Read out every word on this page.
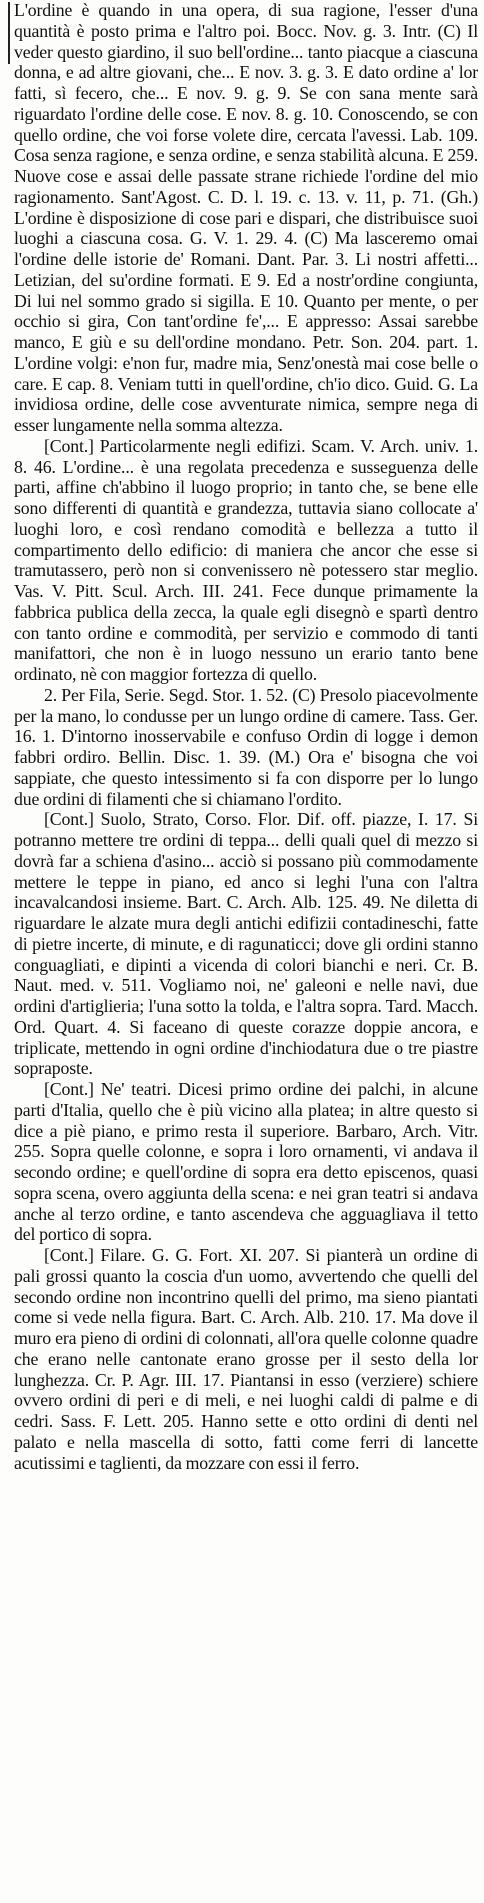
L'ordine è quando in una opera, di sua ragione, l'esser d'una quantità è posto prima e l'altro poi. Bocc. Nov. g. 3. Intr. (C) Il veder questo giardino, il suo bell'ordine... tanto piacque a ciascuna donna, e ad altre giovani, che... E nov. 3. g. 3. E dato ordine a' lor fatti, sì fecero, che... E nov. 9. g. 9. Se con sana mente sarà riguardato l'ordine delle cose. E nov. 8. g. 10. Conoscendo, se con quello ordine, che voi forse volete dire, cercata l'avessi. Lab. 109. Cosa senza ragione, e senza ordine, e senza stabilità alcuna. E 259. Nuove cose e assai delle passate strane richiede l'ordine del mio ragionamento. Sant'Agost. C. D. l. 19. c. 13. v. 11, p. 71. (Gh.) L'ordine è disposizione di cose pari e dispari, che distribuisce suoi luoghi a ciascuna cosa. G. V. 1. 29. 4. (C) Ma lasceremo omai l'ordine delle istorie de' Romani. Dant. Par. 3. Li nostri affetti... Letizian, del su'ordine formati. E 9. Ed a nostr'ordine congiunta, Di lui nel sommo grado si sigilla. E 10. Quanto per mente, o per occhio si gira, Con tant'ordine fe',... E appresso: Assai sarebbe manco, E giù e su dell'ordine mondano. Petr. Son. 204. part. 1. L'ordine volgi: e'non fur, madre mia, Senz'onestà mai cose belle o care. E cap. 8. Veniam tutti in quell'ordine, ch'io dico. Guid. G. La invidiosa ordine, delle cose avventurate nimica, sempre nega di esser lungamente nella somma altezza.

[Cont.] Particolarmente negli edifizi. Scam. V. Arch. univ. 1. 8. 46. L'ordine... è una regolata precedenza e susseguenza delle parti, affine ch'abbino il luogo proprio; in tanto che, se bene elle sono differenti di quantità e grandezza, tuttavia siano collocate a' luoghi loro, e così rendano comodità e bellezza a tutto il compartimento dello edificio: di maniera che ancor che esse si tramutassero, però non si convenissero nè potessero star meglio. Vas. V. Pitt. Scul. Arch. III. 241. Fece dunque primamente la fabbrica publica della zecca, la quale egli disegnò e spartì dentro con tanto ordine e commodità, per servizio e commodo di tanti manifattori, che non è in luogo nessuno un erario tanto bene ordinato, nè con maggior fortezza di quello.

2. Per Fila, Serie. Segd. Stor. 1. 52. (C) Presolo piacevolmente per la mano, lo condusse per un lungo ordine di camere. Tass. Ger. 16. 1. D'intorno inosservabile e confuso Ordin di logge i demon fabbri ordiro. Bellin. Disc. 1. 39. (M.) Ora e' bisogna che voi sappiate, che questo intessimento si fa con disporre per lo lungo due ordini di filamenti che si chiamano l'ordito.

[Cont.] Suolo, Strato, Corso. Flor. Dif. off. piazze, I. 17. Si potranno mettere tre ordini di teppa... delli quali quel di mezzo si dovrà far a schiena d'asino... acciò si possano più commodamente mettere le teppe in piano, ed anco si leghi l'una con l'altra incavalcandosi insieme. Bart. C. Arch. Alb. 125. 49. Ne diletta di riguardare le alzate mura degli antichi edifizii contadineschi, fatte di pietre incerte, di minute, e di ragunaticci; dove gli ordini stanno conguagliati, e dipinti a vicenda di colori bianchi e neri. Cr. B. Naut. med. v. 511. Vogliamo noi, ne' galeoni e nelle navi, due ordini d'artiglieria; l'una sotto la tolda, e l'altra sopra. Tard. Macch. Ord. Quart. 4. Si faceano di queste corazze doppie ancora, e triplicate, mettendo in ogni ordine d'inchiodatura due o tre piastre sopraposte.

[Cont.] Ne' teatri. Dicesi primo ordine dei palchi, in alcune parti d'Italia, quello che è più vicino alla platea; in altre questo si dice a piè piano, e primo resta il superiore. Barbaro, Arch. Vitr. 255. Sopra quelle colonne, e sopra i loro ornamenti, vi andava il secondo ordine; e quell'ordine di sopra era detto episcenos, quasi sopra scena, overo aggiunta della scena: e nei gran teatri si andava anche al terzo ordine, e tanto ascendeva che agguagliava il tetto del portico di sopra.

[Cont.] Filare. G. G. Fort. XI. 207. Si pianterà un ordine di pali grossi quanto la coscia d'un uomo, avvertendo che quelli del secondo ordine non incontrino quelli del primo, ma sieno piantati come si vede nella figura. Bart. C. Arch. Alb. 210. 17. Ma dove il muro era pieno di ordini di colonnati, all'ora quelle colonne quadre che erano nelle cantonate erano grosse per il sesto della lor lunghezza. Cr. P. Agr. III. 17. Piantansi in esso (verziere) schiere ovvero ordini di peri e di meli, e nei luoghi caldi di palme e di cedri. Sass. F. Lett. 205. Hanno sette e otto ordini di denti nel palato e nella mascella di sotto, fatti come ferri di lancette acutissimi e taglienti, da mozzare con essi il ferro.
